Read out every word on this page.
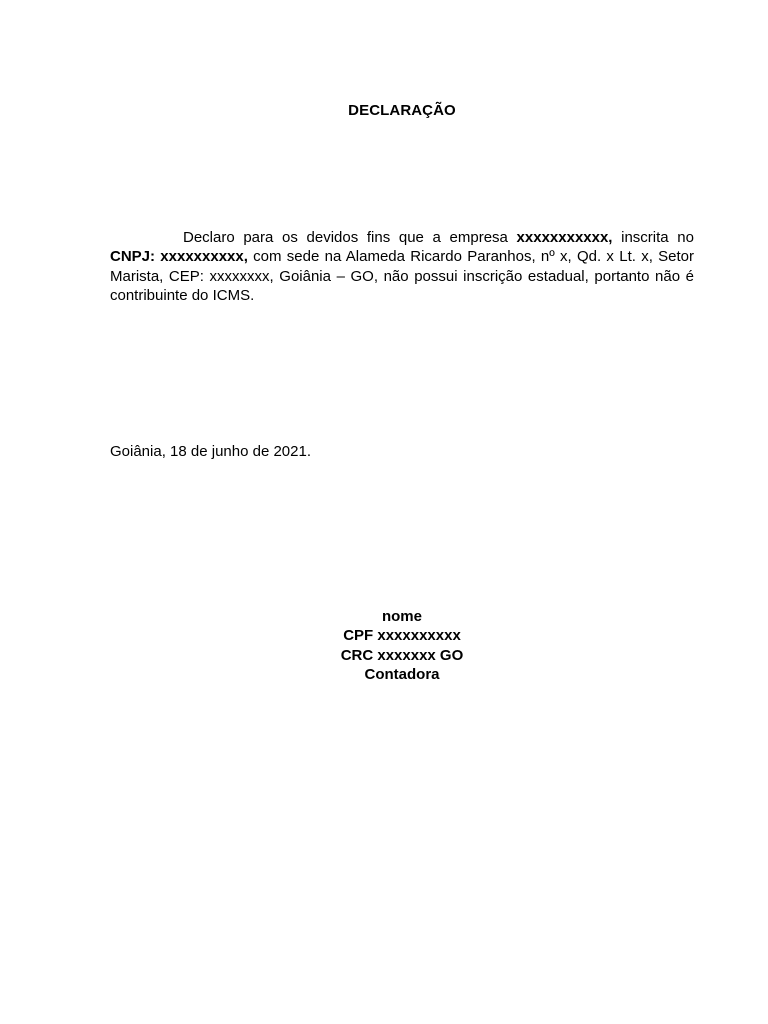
DECLARAÇÃO
Declaro para os devidos fins que a empresa xxxxxxxxxxx, inscrita no CNPJ: xxxxxxxxxx, com sede na Alameda Ricardo Paranhos, nº x, Qd. x Lt. x, Setor Marista, CEP: xxxxxxxx, Goiânia – GO, não possui inscrição estadual, portanto não é contribuinte do ICMS.
Goiânia, 18 de junho de 2021.
nome
CPF xxxxxxxxxx
CRC xxxxxxx GO
Contadora
